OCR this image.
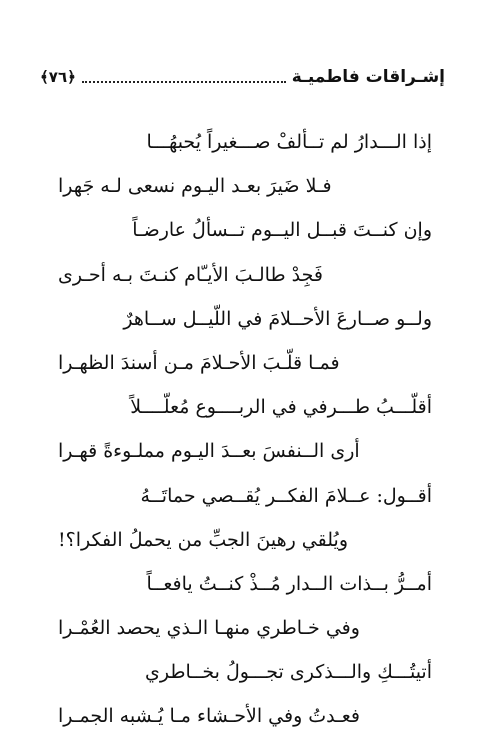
إشـراقات فاطميـة
﴿٧٦﴾
إذا الـــدارُ لم تــألفْ صـــغيراً يُحبهُـــا
فـلا ضَيرَ بعـد اليـوم نسعى لـه جَهرا
وإن كنــتَ قبــل اليــوم تــسألُ عارضـاً
فَجِدْ طالـبَ الأيـّام كنـتَ بـه أحـرى
ولــو صــارعَ الأحــلامَ في اللّيــل ســاهرٌ
فمـا قلّـبَ الأحـلامَ مـن أسندَ الظهـرا
أقلّـــبُ طـــرفي في الربــــوع مُعلّــــلاً
أرى الــنفسَ بعــدَ اليـوم مملـوءةً قهـرا
أقــول: عــلامَ الفكــر يُقــصي حماتَــهُ
ويُلقي رهينَ الجبِّ من يحملُ الفكرا؟!
أمــرُّ بــذات الــدار مُــذْ كنــتُ يافعــاً
وفي خـاطري منهـا الـذي يحصد العُمْـرا
أتيتُـــكِ والـــذكرى تجـــولُ بخــاطري
فعـدتُ وفي الأحـشاء مـا يُـشبه الجمـرا
